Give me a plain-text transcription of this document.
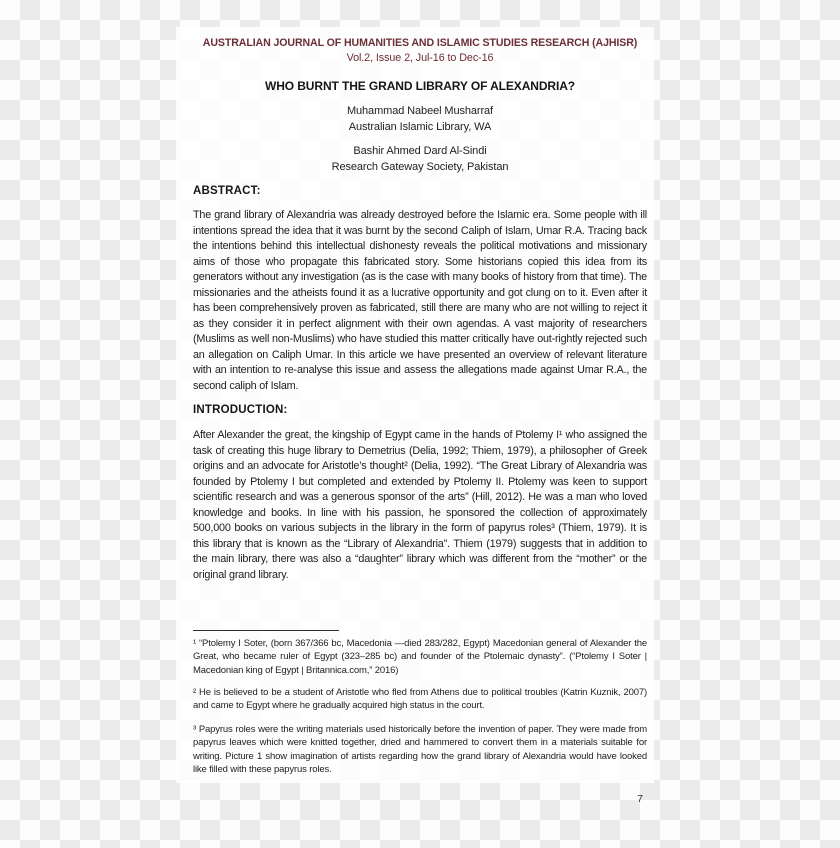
AUSTRALIAN JOURNAL OF HUMANITIES AND ISLAMIC STUDIES RESEARCH (AJHISR)
Vol.2, Issue 2, Jul-16 to Dec-16
WHO BURNT THE GRAND LIBRARY OF ALEXANDRIA?
Muhammad Nabeel Musharraf
Australian Islamic Library, WA
Bashir Ahmed Dard Al-Sindi
Research Gateway Society, Pakistan
ABSTRACT:
The grand library of Alexandria was already destroyed before the Islamic era. Some people with ill intentions spread the idea that it was burnt by the second Caliph of Islam, Umar R.A. Tracing back the intentions behind this intellectual dishonesty reveals the political motivations and missionary aims of those who propagate this fabricated story. Some historians copied this idea from its generators without any investigation (as is the case with many books of history from that time). The missionaries and the atheists found it as a lucrative opportunity and got clung on to it. Even after it has been comprehensively proven as fabricated, still there are many who are not willing to reject it as they consider it in perfect alignment with their own agendas. A vast majority of researchers (Muslims as well non-Muslims) who have studied this matter critically have out-rightly rejected such an allegation on Caliph Umar. In this article we have presented an overview of relevant literature with an intention to re-analyse this issue and assess the allegations made against Umar R.A., the second caliph of Islam.
INTRODUCTION:
After Alexander the great, the kingship of Egypt came in the hands of Ptolemy I¹ who assigned the task of creating this huge library to Demetrius (Delia, 1992; Thiem, 1979), a philosopher of Greek origins and an advocate for Aristotle’s thought² (Delia, 1992). “The Great Library of Alexandria was founded by Ptolemy I but completed and extended by Ptolemy II. Ptolemy was keen to support scientific research and was a generous sponsor of the arts” (Hill, 2012). He was a man who loved knowledge and books. In line with his passion, he sponsored the collection of approximately 500,000 books on various subjects in the library in the form of papyrus roles³ (Thiem, 1979). It is this library that is known as the “Library of Alexandria”. Thiem (1979) suggests that in addition to the main library, there was also a “daughter” library which was different from the “mother” or the original grand library.
¹ “Ptolemy I Soter, (born 367/366 bc, Macedonia —died 283/282, Egypt) Macedonian general of Alexander the Great, who became ruler of Egypt (323–285 bc) and founder of the Ptolemaic dynasty”. (“Ptolemy I Soter | Macedonian king of Egypt | Britannica.com,” 2016)
² He is believed to be a student of Aristotle who fled from Athens due to political troubles (Katrin Kuznik, 2007) and came to Egypt where he gradually acquired high status in the court.
³ Papyrus roles were the writing materials used historically before the invention of paper. They were made from papyrus leaves which were knitted together, dried and hammered to convert them in a materials suitable for writing. Picture 1 show imagination of artists regarding how the grand library of Alexandria would have looked like filled with these papyrus roles.
7
